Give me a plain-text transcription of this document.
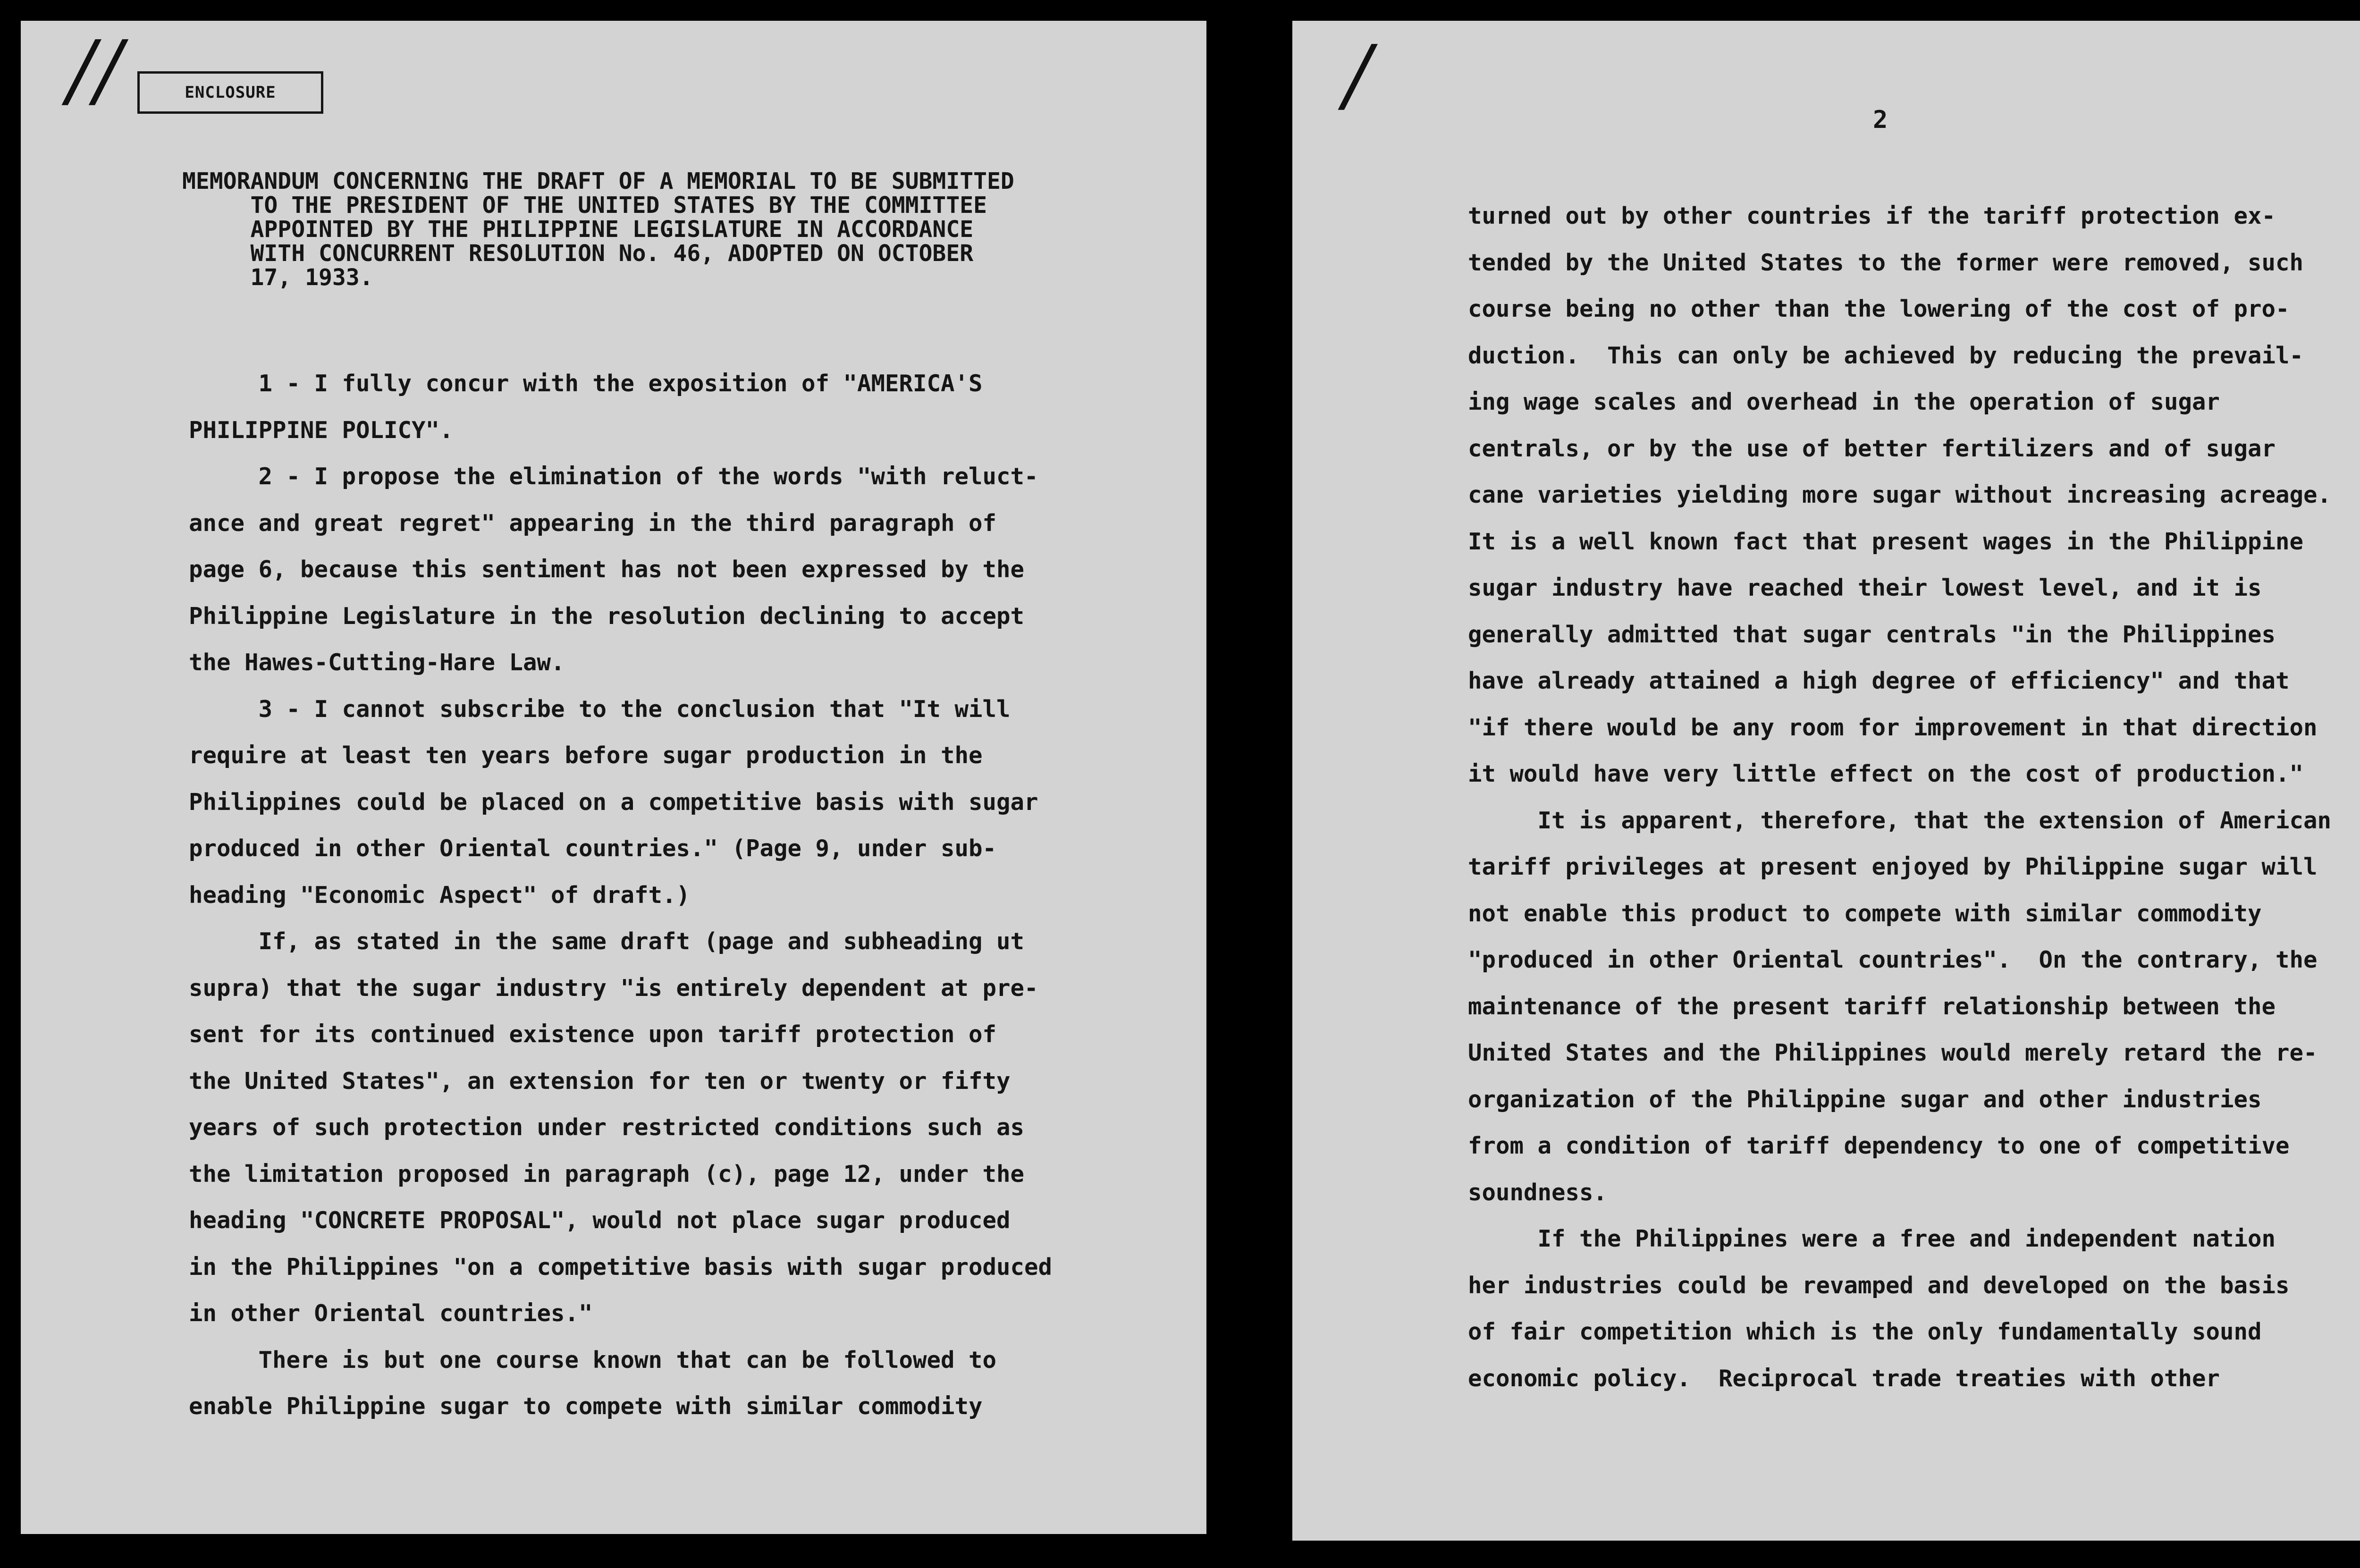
//	ENCLOSURE

MEMORANDUM CONCERNING THE DRAFT OF A MEMORIAL TO BE SUBMITTED
TO THE PRESIDENT OF THE UNITED STATES BY THE COMMITTEE
APPOINTED BY THE PHILIPPINE LEGISLATURE IN ACCORDANCE
WITH CONCURRENT RESOLUTION No. 46, ADOPTED ON OCTOBER
17, 1933.

1 - I fully concur with the exposition of "AMERICA'S
PHILIPPINE POLICY".
2 - I propose the elimination of the words "with reluct-
ance and great regret" appearing in the third paragraph of
page 6, because this sentiment has not been expressed by the
Philippine Legislature in the resolution declining to accept
the Hawes-Cutting-Hare Law.
3 - I cannot subscribe to the conclusion that "It will
require at least ten years before sugar production in the
Philippines could be placed on a competitive basis with sugar
produced in other Oriental countries." (Page 9, under sub-
heading "Economic Aspect" of draft.)
If, as stated in the same draft (page and subheading ut
supra) that the sugar industry "is entirely dependent at pre-
sent for its continued existence upon tariff protection of
the United States", an extension for ten or twenty or fifty
years of such protection under restricted conditions such as
the limitation proposed in paragraph (c), page 12, under the
heading "CONCRETE PROPOSAL", would not place sugar produced
in the Philippines "on a competitive basis with sugar produced
in other Oriental countries."
There is but one course known that can be followed to
enable Philippine sugar to compete with similar commodity

/	2

turned out by other countries if the tariff protection ex-
tended by the United States to the former were removed, such
course being no other than the lowering of the cost of pro-
duction.  This can only be achieved by reducing the prevail-
ing wage scales and overhead in the operation of sugar
centrals, or by the use of better fertilizers and of sugar
cane varieties yielding more sugar without increasing acreage.
It is a well known fact that present wages in the Philippine
sugar industry have reached their lowest level, and it is
generally admitted that sugar centrals "in the Philippines
have already attained a high degree of efficiency" and that
"if there would be any room for improvement in that direction
it would have very little effect on the cost of production."
It is apparent, therefore, that the extension of American
tariff privileges at present enjoyed by Philippine sugar will
not enable this product to compete with similar commodity
"produced in other Oriental countries".  On the contrary, the
maintenance of the present tariff relationship between the
United States and the Philippines would merely retard the re-
organization of the Philippine sugar and other industries
from a condition of tariff dependency to one of competitive
soundness.
If the Philippines were a free and independent nation
her industries could be revamped and developed on the basis
of fair competition which is the only fundamentally sound
economic policy.  Reciprocal trade treaties with other
